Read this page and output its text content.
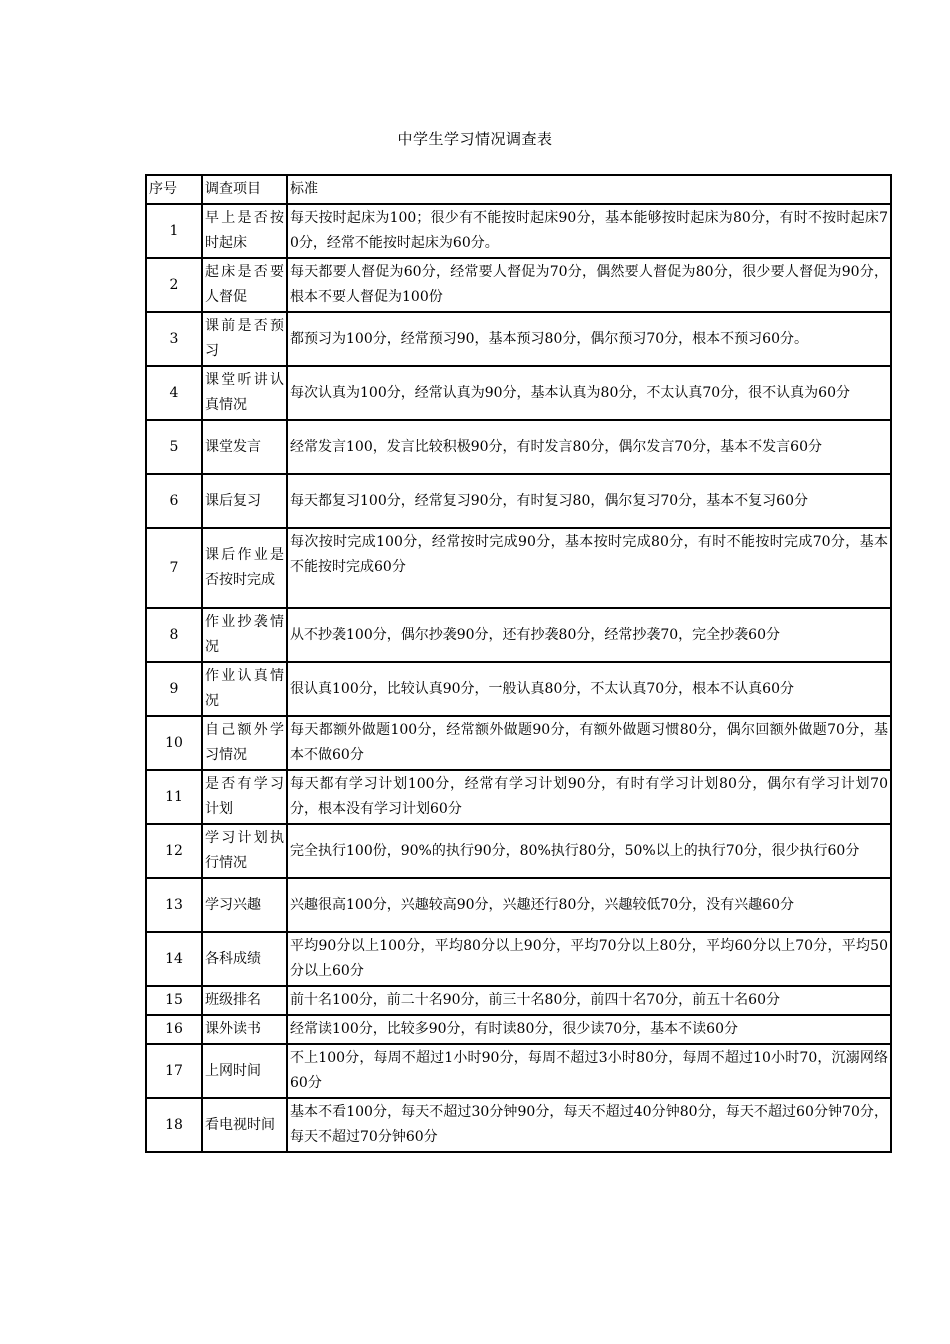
中学生学习情况调查表
序号	调查项目	标准
1	早上是否按时起床	每天按时起床为100；很少有不能按时起床90分，基本能够按时起床为80分，有时不按时起床70分，经常不能按时起床为60分。
2	起床是否要人督促	每天都要人督促为60分，经常要人督促为70分，偶然要人督促为80分，很少要人督促为90分，根本不要人督促为100份
3	课前是否预习	都预习为100分，经常预习90，基本预习80分，偶尔预习70分，根本不预习60分。
4	课堂听讲认真情况	每次认真为100分，经常认真为90分，基本认真为80分，不太认真70分，很不认真为60分
5	课堂发言	经常发言100，发言比较积极90分，有时发言80分，偶尔发言70分，基本不发言60分
6	课后复习	每天都复习100分，经常复习90分，有时复习80，偶尔复习70分，基本不复习60分
7	课后作业是否按时完成	每次按时完成100分，经常按时完成90分，基本按时完成80分，有时不能按时完成70分，基本不能按时完成60分
8	作业抄袭情况	从不抄袭100分，偶尔抄袭90分，还有抄袭80分，经常抄袭70，完全抄袭60分
9	作业认真情况	很认真100分，比较认真90分，一般认真80分，不太认真70分，根本不认真60分
10	自己额外学习情况	每天都额外做题100分，经常额外做题90分，有额外做题习惯80分，偶尔回额外做题70分，基本不做60分
11	是否有学习计划	每天都有学习计划100分，经常有学习计划90分，有时有学习计划80分，偶尔有学习计划70分，根本没有学习计划60分
12	学习计划执行情况	完全执行100份，90%的执行90分，80%执行80分，50%以上的执行70分，很少执行60分
13	学习兴趣	兴趣很高100分，兴趣较高90分，兴趣还行80分，兴趣较低70分，没有兴趣60分
14	各科成绩	平均90分以上100分，平均80分以上90分，平均70分以上80分，平均60分以上70分，平均50分以上60分
15	班级排名	前十名100分，前二十名90分，前三十名80分，前四十名70分，前五十名60分
16	课外读书	经常读100分，比较多90分，有时读80分，很少读70分，基本不读60分
17	上网时间	不上100分，每周不超过1小时90分，每周不超过3小时80分，每周不超过10小时70，沉溺网络60分
18	看电视时间	基本不看100分，每天不超过30分钟90分，每天不超过40分钟80分，每天不超过60分钟70分，每天不超过70分钟60分
